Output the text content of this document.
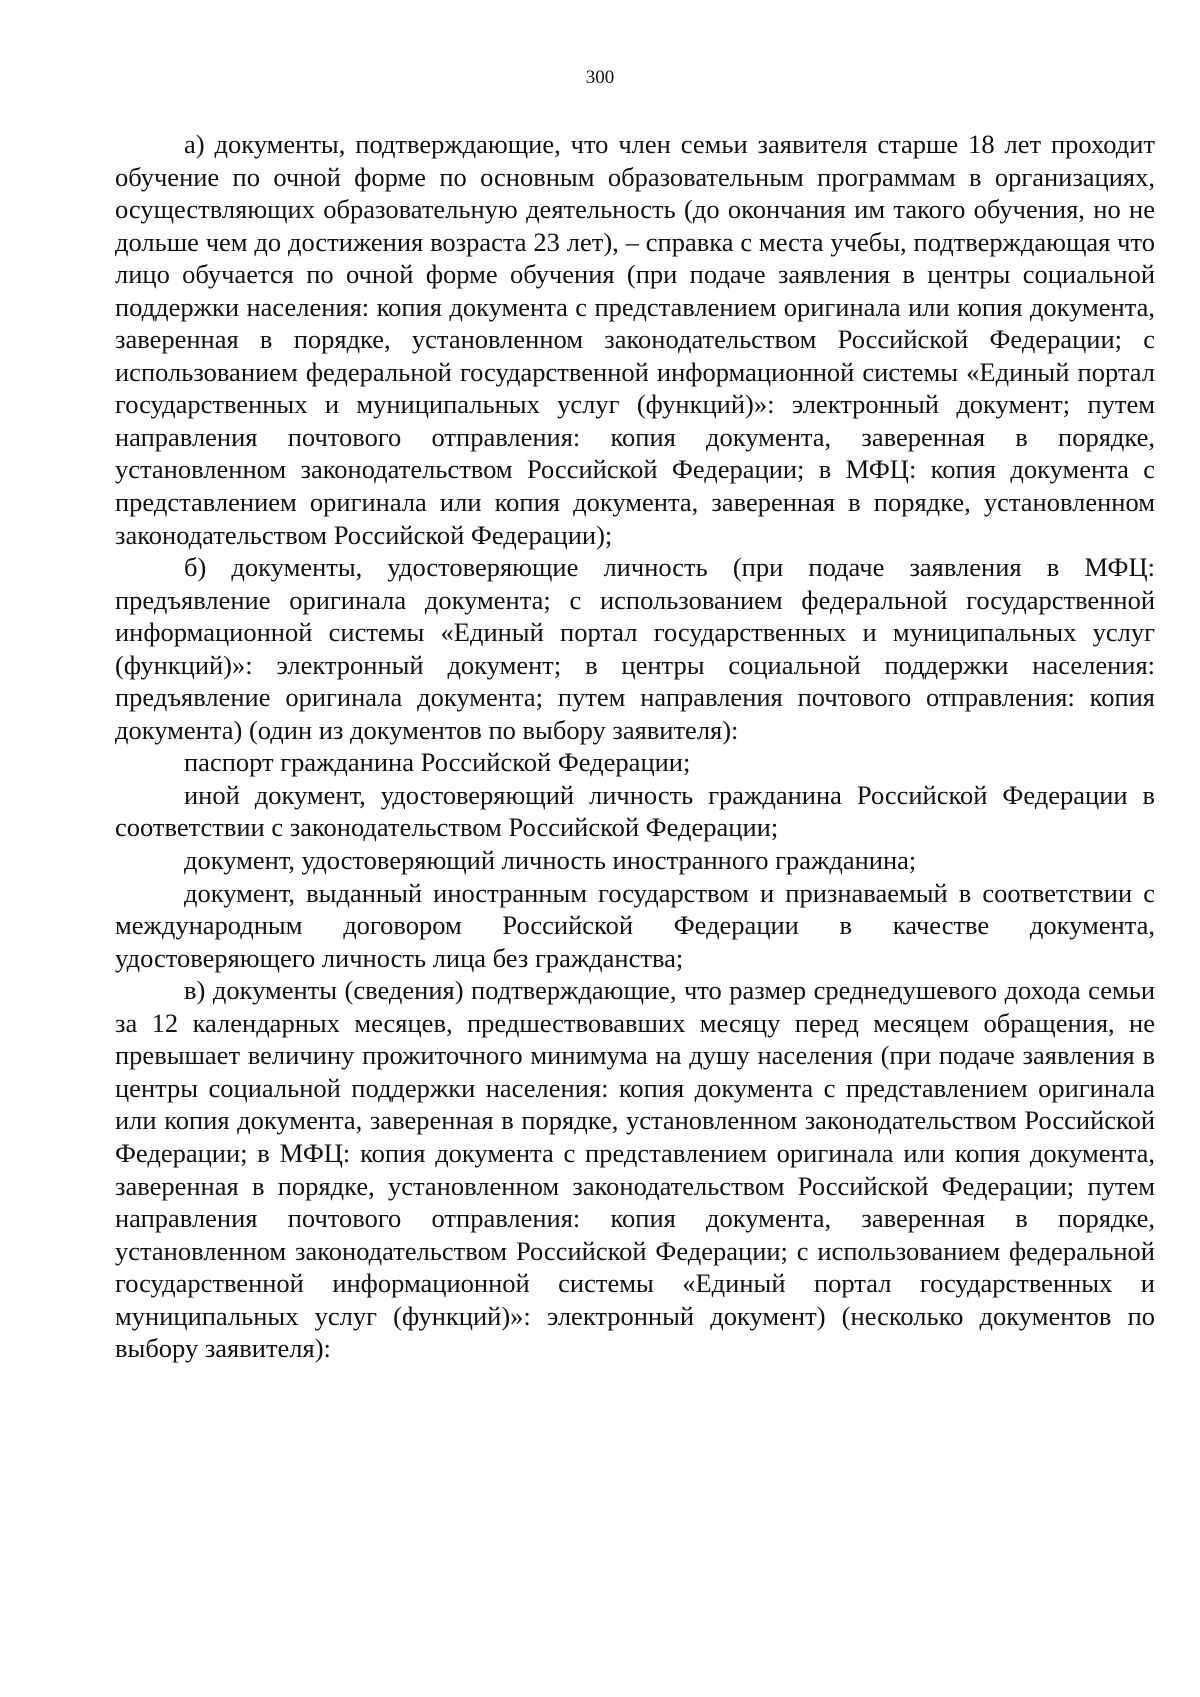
300

а) документы, подтверждающие, что член семьи заявителя старше 18 лет проходит обучение по очной форме по основным образовательным программам в организациях, осуществляющих образовательную деятельность (до окончания им такого обучения, но не дольше чем до достижения возраста 23 лет), – справка с места учебы, подтверждающая что лицо обучается по очной форме обучения (при подаче заявления в центры социальной поддержки населения: копия документа с представлением оригинала или копия документа, заверенная в порядке, установленном законодательством Российской Федерации; с использованием федеральной государственной информационной системы «Единый портал государственных и муниципальных услуг (функций)»: электронный документ; путем направления почтового отправления: копия документа, заверенная в порядке, установленном законодательством Российской Федерации; в МФЦ: копия документа с представлением оригинала или копия документа, заверенная в порядке, установленном законодательством Российской Федерации);

б) документы, удостоверяющие личность (при подаче заявления в МФЦ: предъявление оригинала документа; с использованием федеральной государственной информационной системы «Единый портал государственных и муниципальных услуг (функций)»: электронный документ; в центры социальной поддержки населения: предъявление оригинала документа; путем направления почтового отправления: копия документа) (один из документов по выбору заявителя):

паспорт гражданина Российской Федерации;

иной документ, удостоверяющий личность гражданина Российской Федерации в соответствии с законодательством Российской Федерации;

документ, удостоверяющий личность иностранного гражданина;

документ, выданный иностранным государством и признаваемый в соответствии с международным договором Российской Федерации в качестве документа, удостоверяющего личность лица без гражданства;

в) документы (сведения) подтверждающие, что размер среднедушевого дохода семьи за 12 календарных месяцев, предшествовавших месяцу перед месяцем обращения, не превышает величину прожиточного минимума на душу населения (при подаче заявления в центры социальной поддержки населения: копия документа с представлением оригинала или копия документа, заверенная в порядке, установленном законодательством Российской Федерации; в МФЦ: копия документа с представлением оригинала или копия документа, заверенная в порядке, установленном законодательством Российской Федерации; путем направления почтового отправления: копия документа, заверенная в порядке, установленном законодательством Российской Федерации; с использованием федеральной государственной информационной системы «Единый портал государственных и муниципальных услуг (функций)»: электронный документ) (несколько документов по выбору заявителя):
